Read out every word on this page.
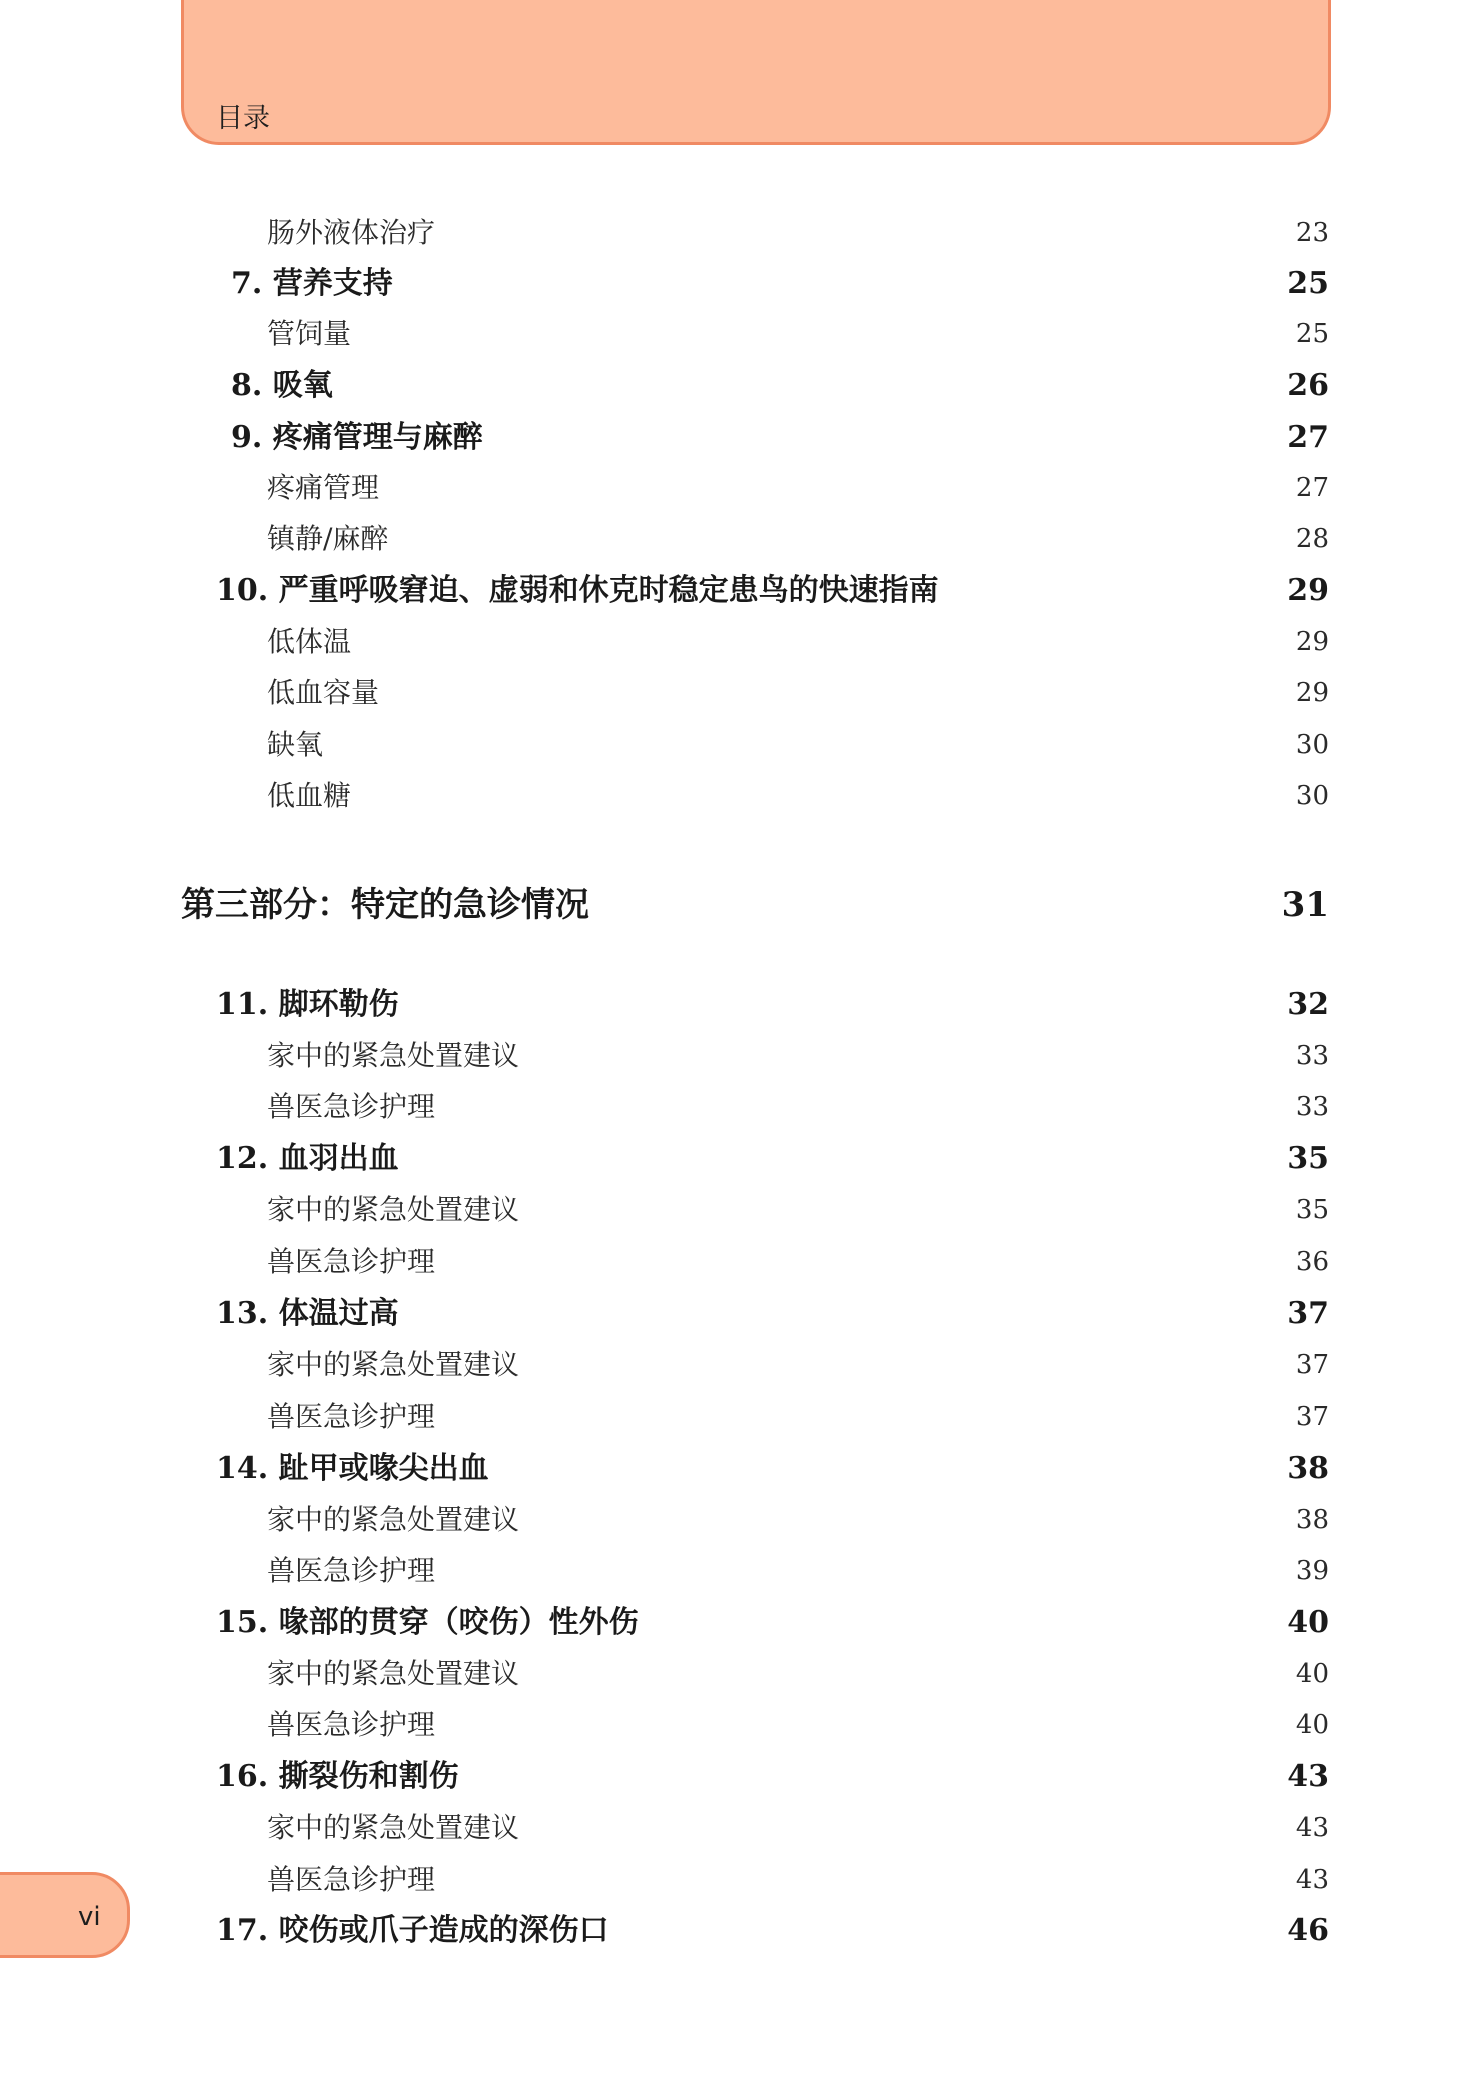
目录
vi
肠外液体治疗	23
7. 营养支持	25
管饲量	25
8. 吸氧	26
9. 疼痛管理与麻醉	27
疼痛管理	27
镇静/麻醉	28
10. 严重呼吸窘迫、虚弱和休克时稳定患鸟的快速指南	29
低体温	29
低血容量	29
缺氧	30
低血糖	30
第三部分：特定的急诊情况	31
11. 脚环勒伤	32
家中的紧急处置建议	33
兽医急诊护理	33
12. 血羽出血	35
家中的紧急处置建议	35
兽医急诊护理	36
13. 体温过高	37
家中的紧急处置建议	37
兽医急诊护理	37
14. 趾甲或喙尖出血	38
家中的紧急处置建议	38
兽医急诊护理	39
15. 喙部的贯穿（咬伤）性外伤	40
家中的紧急处置建议	40
兽医急诊护理	40
16. 撕裂伤和割伤	43
家中的紧急处置建议	43
兽医急诊护理	43
17. 咬伤或爪子造成的深伤口	46
